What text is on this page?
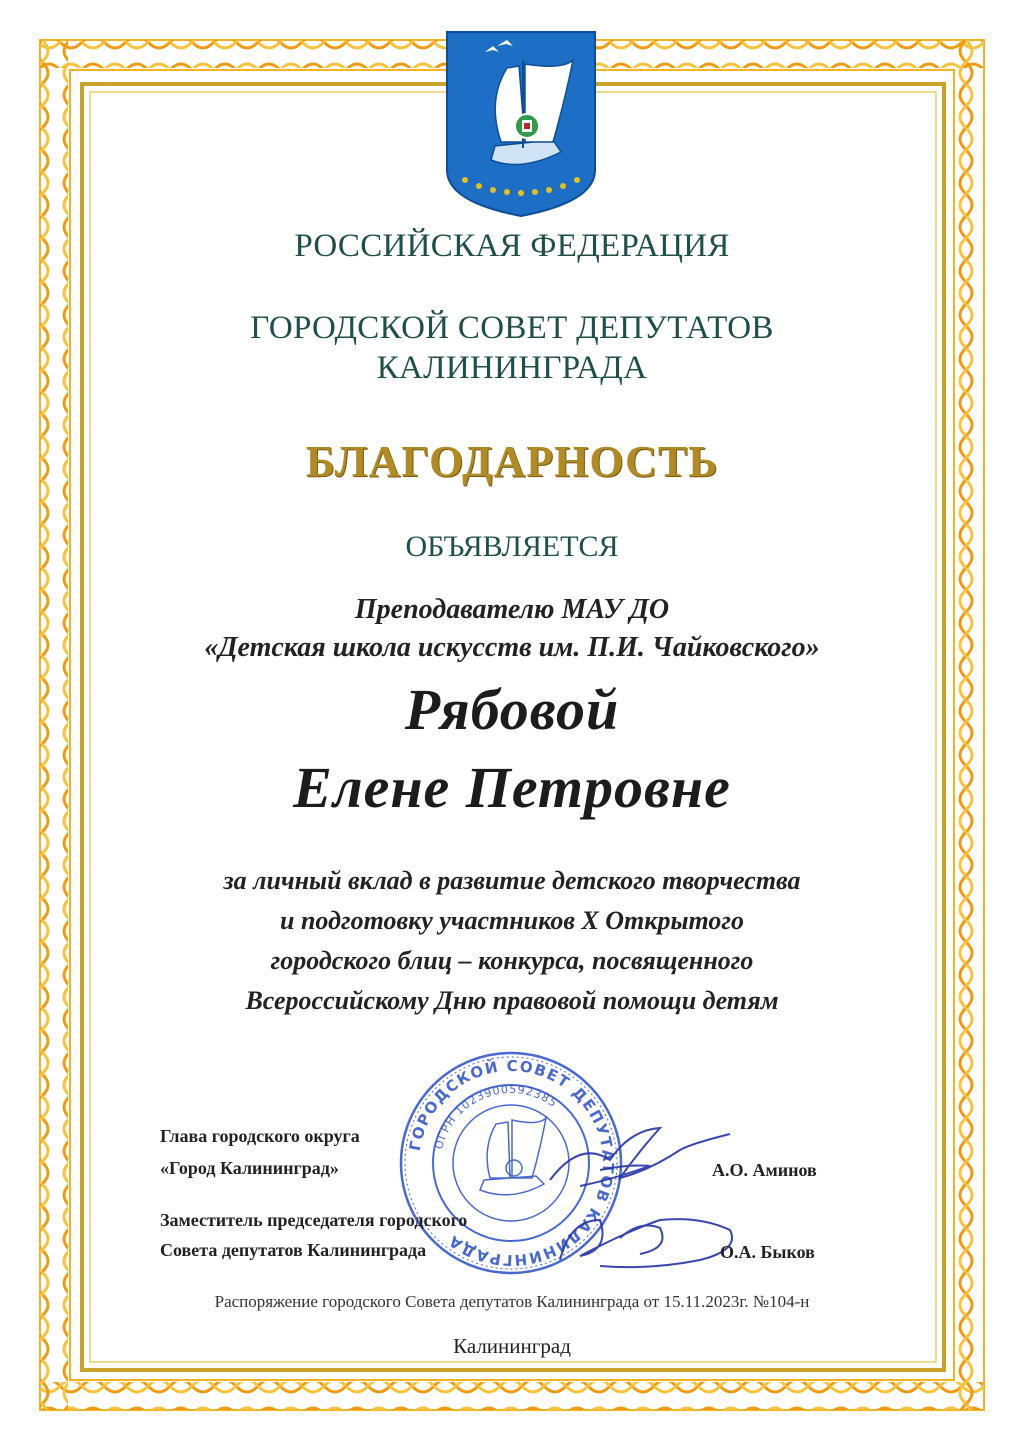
РОССИЙСКАЯ ФЕДЕРАЦИЯ
ГОРОДСКОЙ СОВЕТ ДЕПУТАТОВ
КАЛИНИНГРАДА
БЛАГОДАРНОСТЬ
ОБЪЯВЛЯЕТСЯ
Преподавателю МАУ ДО
«Детская школа искусств им. П.И. Чайковского»
Рябовой
Елене Петровне
за личный вклад в развитие детского творчества
и подготовку участников X Открытого
городского блиц – конкурса, посвященного
Всероссийскому Дню правовой помощи детям
ГОРОДСКОЙ СОВЕТ ДЕПУТАТОВ КАЛИНИНГРАДА
ОГРН 1023900592385
Глава городского округа
«Город Калининград»	А.О. Аминов
Заместитель председателя городского
Совета депутатов Калининграда	О.А. Быков
Распоряжение городского Совета депутатов Калининграда от 15.11.2023г. №104-н
Калининград
